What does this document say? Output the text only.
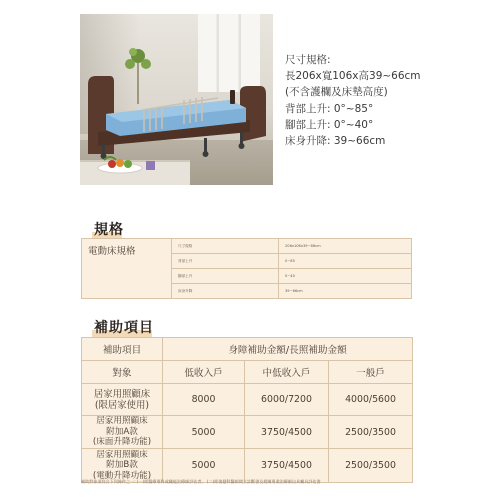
尺寸規格:
長206x寬106x高39~66cm
(不含護欄及床墊高度)
背部上升: 0°~85°
腳部上升: 0°~40°
床身升降: 39~66cm
規格
電動床規格	尺寸規格	206x106x39~66cm
	背部上升	0~85
	腳部上升	0~40
	床身升降	39~66cm
補助項目
補助項目	身障補助金額/長照補助金額		
對象	低收入戶	中低收入戶	一般戶

居家用照顧床
(限居家使用)	8000	6000/7200	4000/5600

居家用照顧床
附加A款
(床面升降功能)	5000	3750/4500	2500/3500

居家用照顧床
附加B款
(電動升降功能)	5000	3750/4500	2500/3500
補助對象須符合下列條件之一: (一)經醫療專科或職能治療師評估者。 (二)經復健科醫師開立診斷書及相關專業治療師出具輔具評估書
